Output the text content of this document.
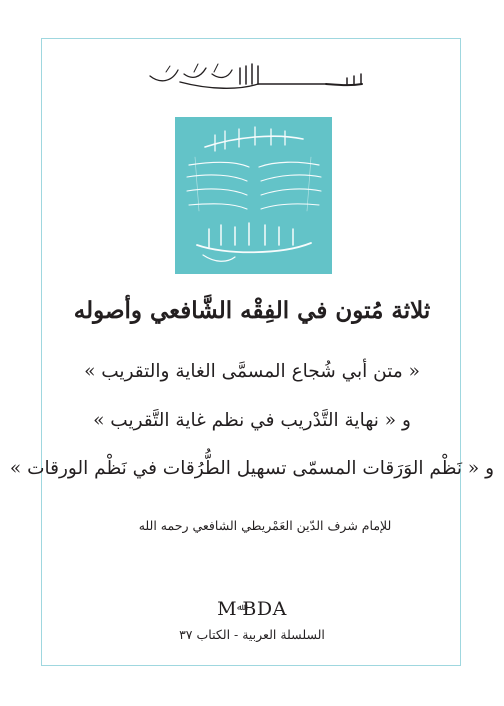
ثلاثة مُتون في الفِقْه الشَّافعي وأصوله
« متن أبي شُجاع المسمَّى الغاية والتقريب »
و « نهاية التَّدْريب في نظم غاية التَّقريب »
و « نَظْم الوَرَقات المسمّى تسهيل الطُّرُقات في نَظْم الورقات »
للإمام شرف الدّين العَمْريطي الشافعي رحمه الله
$M^ﷲBDA$
السلسلة العربية - الكتاب ٣٧
